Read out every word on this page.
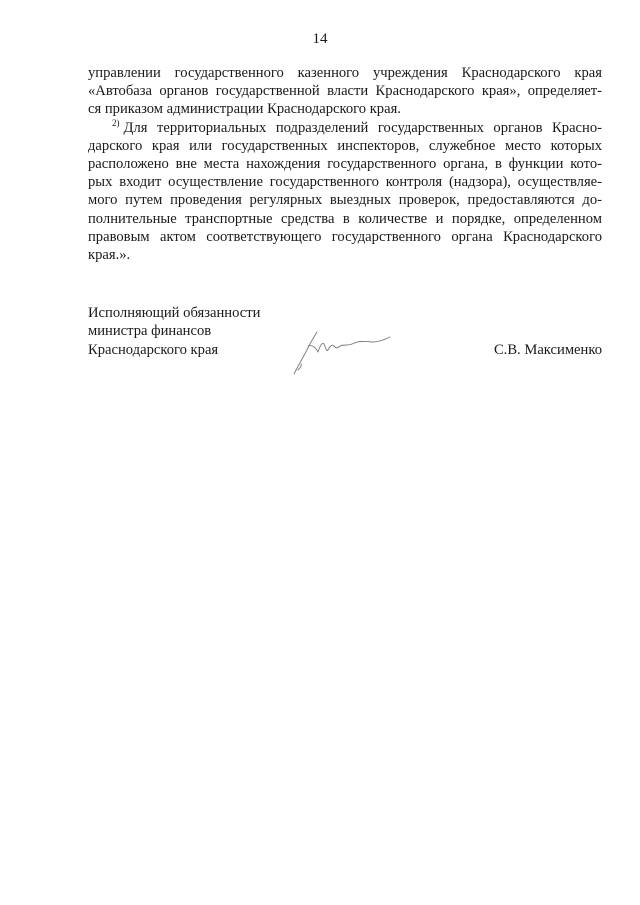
14
управлении государственного казенного учреждения Краснодарского края
«Автобаза органов государственной власти Краснодарского края», определяет-
ся приказом администрации Краснодарского края.
$^{2)}$ Для территориальных подразделений государственных органов Красно-
дарского края или государственных инспекторов, служебное место которых
расположено вне места нахождения государственного органа, в функции кото-
рых входит осуществление государственного контроля (надзора), осуществляе-
мого путем проведения регулярных выездных проверок, предоставляются до-
полнительные транспортные средства в количестве и порядке, определенном
правовым актом соответствующего государственного органа Краснодарского
края.».
Исполняющий обязанности
министра финансов
Краснодарского края	С.В. Максименко
